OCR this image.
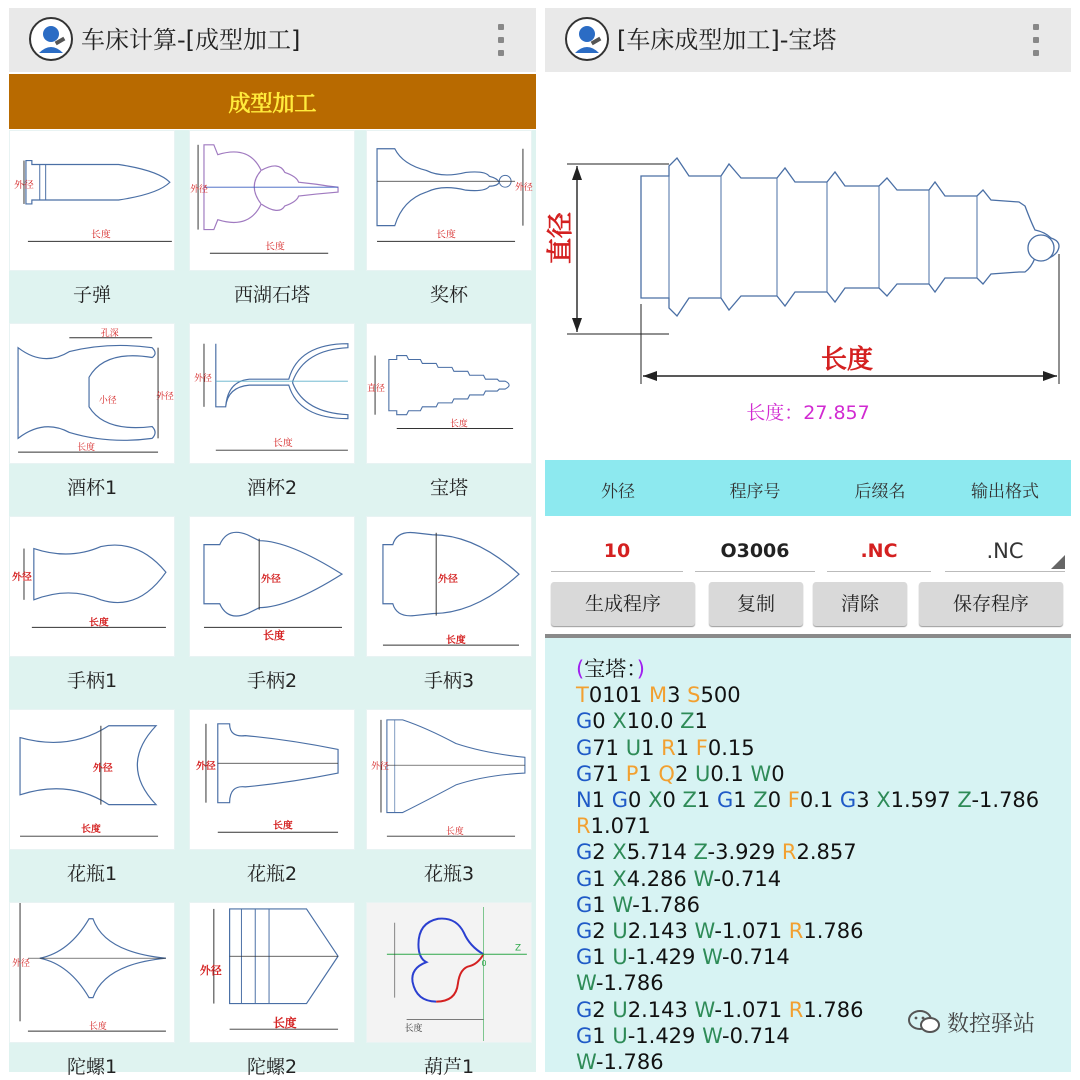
车床计算-[成型加工]
成型加工
外径
长度
子弹
外径
长度
西湖石塔
外径
长度
奖杯
孔深
小径	外径
长度
酒杯1
外径
长度
酒杯2
直径
长度
宝塔
外径
长度
手柄1
外径
长度
手柄2
外径
长度
手柄3
外径
长度
花瓶1
外径
长度
花瓶2
外径
长度
花瓶3
外径
长度
陀螺1
外径
长度
陀螺2
Z
0
长度
葫芦1
[车床成型加工]-宝塔
直径
长度
长度：27.857
外径	程序号	后缀名	输出格式
10	O3006	.NC	.NC
生成程序	复制	清除	保存程序
(宝塔：)
T0101 M3 S500
G0 X10.0 Z1
G71 U1 R1 F0.15
G71 P1 Q2 U0.1 W0
N1 G0 X0 Z1 G1 Z0 F0.1 G3 X1.597 Z-1.786
R1.071
G2 X5.714 Z-3.929 R2.857
G1 X4.286 W-0.714
G1 W-1.786
G2 U2.143 W-1.071 R1.786
G1 U-1.429 W-0.714
W-1.786
G2 U2.143 W-1.071 R1.786
G1 U-1.429 W-0.714
W-1.786
数控驿站
